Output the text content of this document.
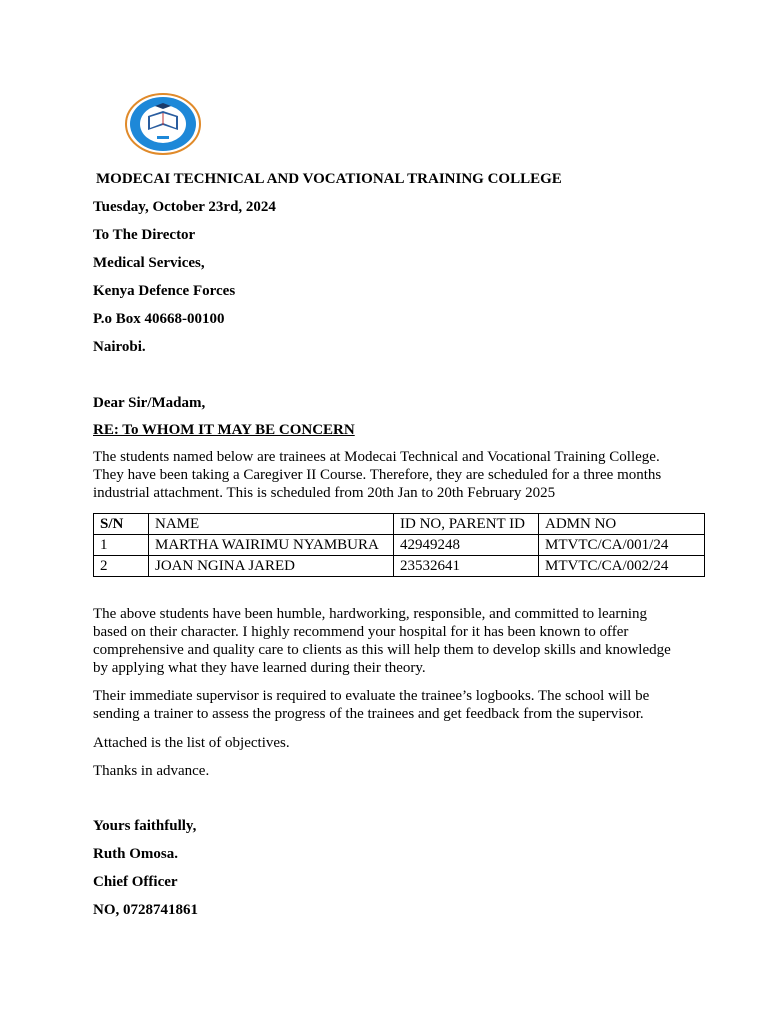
MODECAI TECHNICAL AND VOCATIONAL TRAINING COLLEGE
Tuesday, October 23rd, 2024
To The Director
Medical Services,
Kenya Defence Forces
P.o Box 40668-00100
Nairobi.
Dear Sir/Madam,
RE: To WHOM IT MAY BE CONCERN
The students named below are trainees at Modecai Technical and Vocational Training College. They have been taking a Caregiver II Course. Therefore, they are scheduled for a three months industrial attachment. This is scheduled from 20th Jan to 20th February 2025
S/N	NAME	ID NO, PARENT ID	ADMN NO
1	MARTHA WAIRIMU NYAMBURA	42949248	MTVTC/CA/001/24
2	JOAN NGINA JARED	23532641	MTVTC/CA/002/24
The above students have been humble, hardworking, responsible, and committed to learning based on their character. I highly recommend your hospital for it has been known to offer comprehensive and quality care to clients as this will help them to develop skills and knowledge by applying what they have learned during their theory.
Their immediate supervisor is required to evaluate the trainee’s logbooks. The school will be sending a trainer to assess the progress of the trainees and get feedback from the supervisor.
Attached is the list of objectives.
Thanks in advance.
Yours faithfully,
Ruth Omosa.
Chief Officer
NO, 0728741861
